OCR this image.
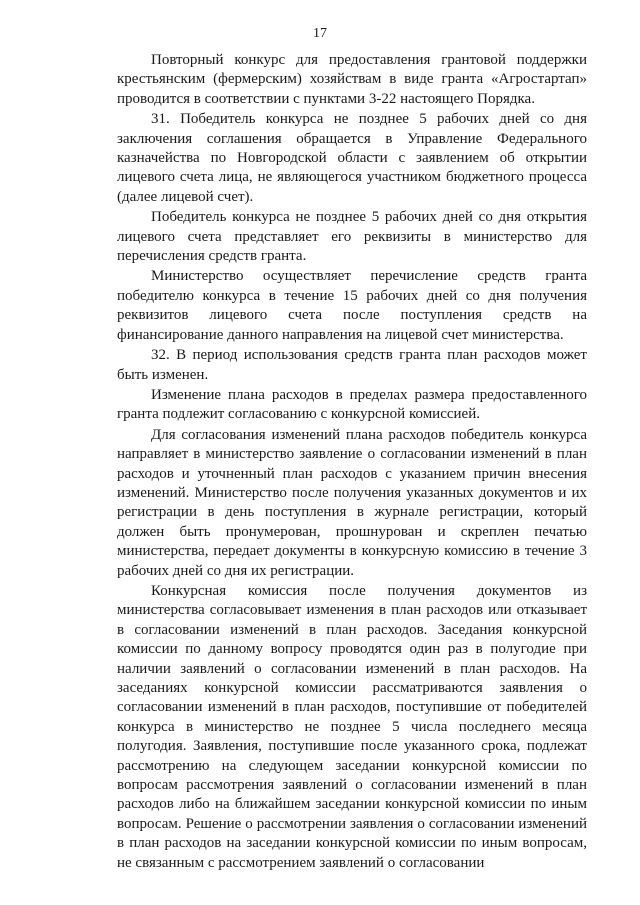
17

Повторный конкурс для предоставления грантовой поддержки крестьянским (фермерским) хозяйствам в виде гранта «Агростартап» проводится в соответствии с пунктами 3-22 настоящего Порядка.

31. Победитель конкурса не позднее 5 рабочих дней со дня заключения соглашения обращается в Управление Федерального казначейства по Новгородской области с заявлением об открытии лицевого счета лица, не являющегося участником бюджетного процесса (далее лицевой счет).

Победитель конкурса не позднее 5 рабочих дней со дня открытия лицевого счета представляет его реквизиты в министерство для перечисления средств гранта.

Министерство осуществляет перечисление средств гранта победителю конкурса в течение 15 рабочих дней со дня получения реквизитов лицевого счета после поступления средств на финансирование данного направления на лицевой счет министерства.

32. В период использования средств гранта план расходов может быть изменен.

Изменение плана расходов в пределах размера предоставленного гранта подлежит согласованию с конкурсной комиссией.

Для согласования изменений плана расходов победитель конкурса направляет в министерство заявление о согласовании изменений в план расходов и уточненный план расходов с указанием причин внесения изменений. Министерство после получения указанных документов и их регистрации в день поступления в журнале регистрации, который должен быть пронумерован, прошнурован и скреплен печатью министерства, передает документы в конкурсную комиссию в течение 3 рабочих дней со дня их регистрации.

Конкурсная комиссия после получения документов из министерства согласовывает изменения в план расходов или отказывает в согласовании изменений в план расходов. Заседания конкурсной комиссии по данному вопросу проводятся один раз в полугодие при наличии заявлений о согласовании изменений в план расходов. На заседаниях конкурсной комиссии рассматриваются заявления о согласовании изменений в план расходов, поступившие от победителей конкурса в министерство не позднее 5 числа последнего месяца полугодия. Заявления, поступившие после указанного срока, подлежат рассмотрению на следующем заседании конкурсной комиссии по вопросам рассмотрения заявлений о согласовании изменений в план расходов либо на ближайшем заседании конкурсной комиссии по иным вопросам. Решение о рассмотрении заявления о согласовании изменений в план расходов на заседании конкурсной комиссии по иным вопросам, не связанным с рассмотрением заявлений о согласовании
